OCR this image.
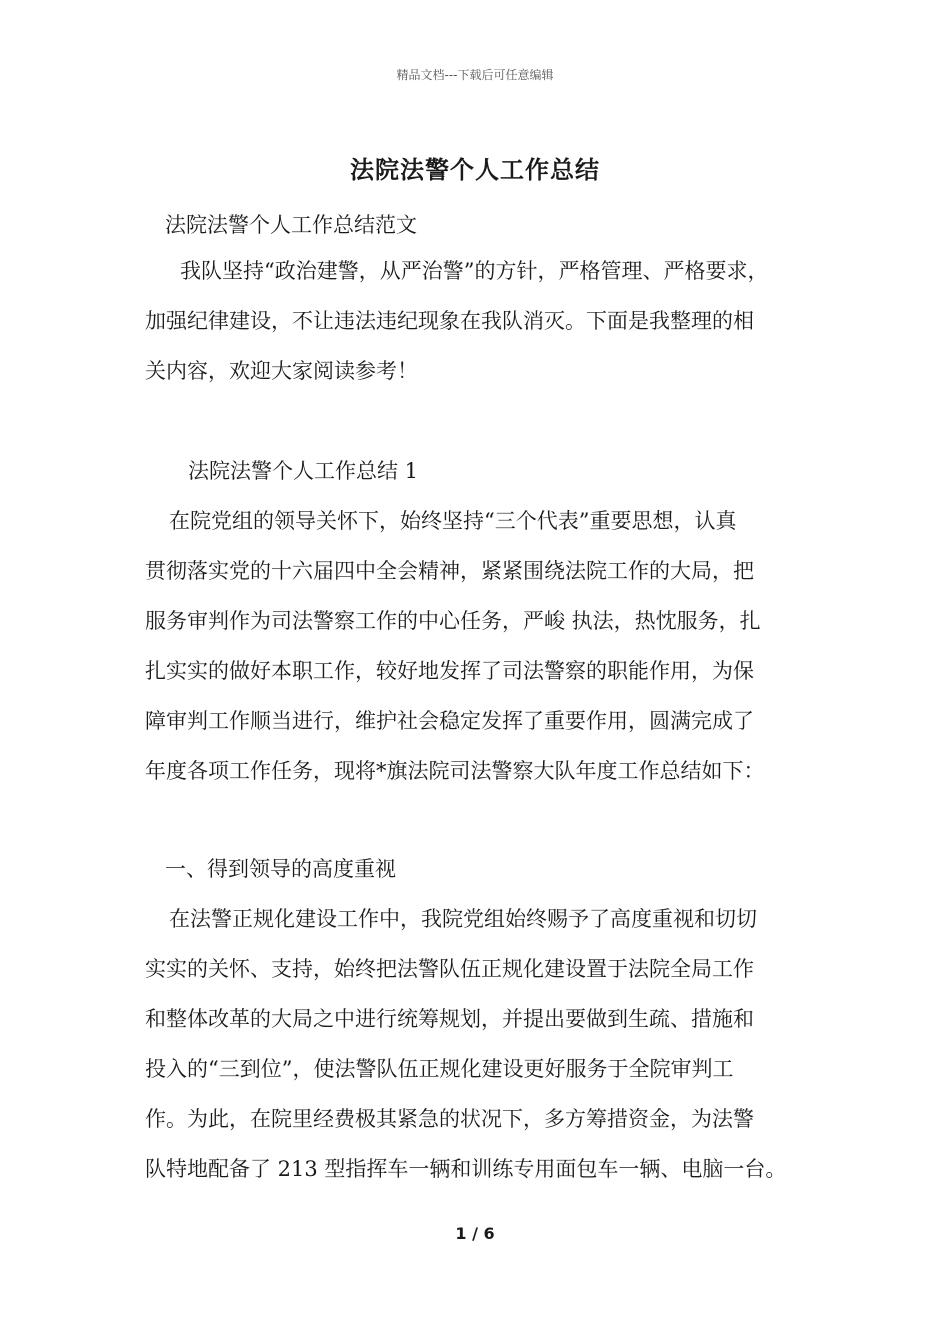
精品文档---下载后可任意编辑
法院法警个人工作总结
法院法警个人工作总结范文
我队坚持“政治建警，从严治警”的方针，严格管理、严格要求，
加强纪律建设，不让违法违纪现象在我队消灭。下面是我整理的相
关内容，欢迎大家阅读参考！
法院法警个人工作总结 1
在院党组的领导关怀下，始终坚持“三个代表”重要思想，认真
贯彻落实党的十六届四中全会精神，紧紧围绕法院工作的大局，把
服务审判作为司法警察工作的中心任务，严峻 执法，热忱服务，扎
扎实实的做好本职工作，较好地发挥了司法警察的职能作用，为保
障审判工作顺当进行，维护社会稳定发挥了重要作用，圆满完成了
年度各项工作任务，现将*旗法院司法警察大队年度工作总结如下：
一、得到领导的高度重视
在法警正规化建设工作中，我院党组始终赐予了高度重视和切切
实实的关怀、支持，始终把法警队伍正规化建设置于法院全局工作
和整体改革的大局之中进行统筹规划，并提出要做到生疏、措施和
投入的“三到位”，使法警队伍正规化建设更好服务于全院审判工
作。为此，在院里经费极其紧急的状况下，多方筹措资金，为法警
队特地配备了 213 型指挥车一辆和训练专用面包车一辆、电脑一台。
1 / 6
